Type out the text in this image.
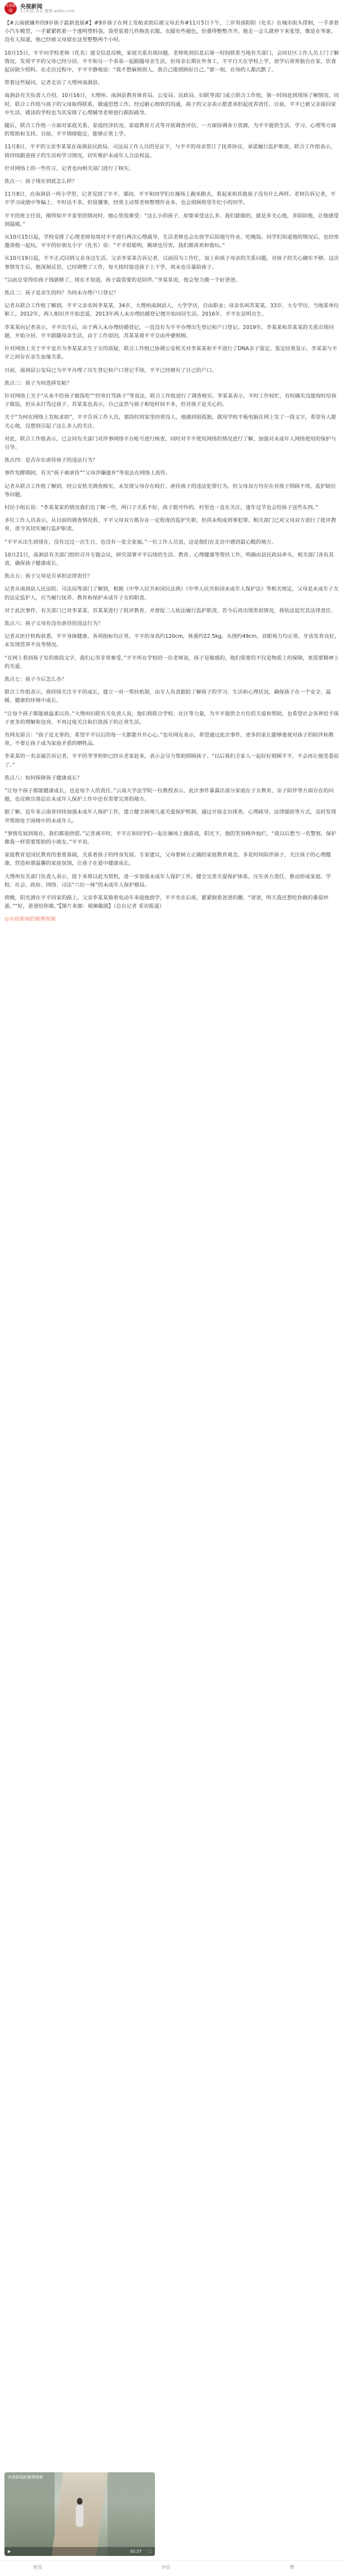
央视新闻
央视新闻
2小时前 来自 微博 weibo.com

【#云南被嫌弃的9岁孩子最新进展#】#9岁孩子在网上发帖求助后被父母丢弃#11月5日下午，三岁男孩阳阳（化名）在城市街头徘徊，一手拿着小汽车模型，一手紧紧抓着一个透明塑料袋，袋里装着几件换洗衣服，衣服有些褪色，但叠得整整齐齐。他走一会儿就停下来张望，像是在等谁。没有人知道，他已经被父母留在这里整整两个小时。

10月15日，平平向学校老师（化名）提交信息反映，家庭关系出现问题。老师收到信息后第一时间联系当地有关部门，会同社区工作人员上门了解情况，发现平平的父母已经分居。平平和另一个弟弟一起跟随母亲生活，但母亲长期在外务工，平平白天在学校上学，放学后常常独自在家，饮食起居缺少照料。在走访过程中，平平平静地说：“我不想麻烦别人，我自己能照顾好自己。”那一刻，在场的人都沉默了。

带着这些疑问，记者走访了大理州南涧县。

南涧县有关负责人介绍，10月16日，大理州、南涧县教育体育局、公安局、民政局、妇联等部门成立联合工作组，第一时间赶到现场了解情况。同时，联合工作组与孩子的父母取得联系，做通思想工作。经过耐心细致的沟通，孩子的父亲表示愿意承担起抚养责任。目前，平平已被父亲接回家中生活，就读的学校也为其安排了心理辅导老师进行跟踪疏导。

随后，联合工作组一方面对家庭关系、家庭经济状况、家庭教育方式等开展调查评估，一方面协调各方资源，为平平提供生活、学习、心理等方面的帮助和支持。目前，平平情绪稳定，能够正常上学。

11月8日，平平的父亲李某某在南涧县民政局、司法局工作人员的见证下，与平平的母亲签订了抚养协议，承诺履行监护职责。联合工作组表示，将持续跟进孩子的生活和学习情况，切实维护未成年人合法权益。

针对网络上的一些传言，记者也向相关部门进行了核实。

焦点一：孩子现在到底怎么样？

11月8日，在南涧县一所小学里，记者见到了平平。课间，平平和同学们在操场上跑来跑去，看起来和其他孩子没有什么两样。老师告诉记者，平平学习成绩中等偏上，平时话不多，但很懂事，经常主动帮老师整理作业本，也会照顾班里年纪小的同学。

平平的班主任说，刚得知平平家里的情况时，她心里很难受：“这么小的孩子，却要承受这么多。我们能做的，就是多关心他，多陪陪他，让他感受到温暖。”

从10月15日起，学校安排了心理老师每周对平平进行两次心理疏导，生活老师也会在放学后陪他写作业、吃晚饭。同学们知道他的情况后，也经常邀请他一起玩。平平的好朋友小宇（化名）说：“平平很聪明，踢球也厉害，我们都喜欢和他玩。”

从10月19日起，平平正式回到父亲身边生活。父亲李某某告诉记者，以前因为工作忙，加上和孩子母亲的关系问题，对孩子的关心确实不够。这次事情发生后，他深刻反思，已经调整了工作，每天按时接送孩子上下学，周末也尽量陪孩子。

“以前总觉得给孩子钱就够了，现在才知道，孩子最需要的是陪伴。”李某某说，他会努力做一个好爸爸。

焦点二：孩子是亲生的吗？为何未办理户口登记？

记者从联合工作组了解到，平平父亲名叫李某某，34岁，大理州南涧县人，大学学历，自由职业；母亲名叫苏某某，33岁，大专学历，当地某单位职工。2012年，两人相识并开始恋爱，2013年两人未办理结婚登记便开始同居生活。2016年，平平在昆明出生。

李某某向记者表示，平平出生后，由于两人未办理结婚登记，一直没有为平平办理出生登记和户口登记。2019年，李某某和苏某某的关系出现问题，开始分居，平平跟随母亲生活，由于工作原因，苏某某将平平交由外婆照顾。

针对网络上关于平平是否为李某某亲生子女的质疑，联合工作组已协调公安机关对李某某和平平进行了DNA亲子鉴定。鉴定结果显示，李某某与平平之间存在亲生血缘关系。

目前，南涧县公安局已为平平办理了出生登记和户口登记手续，平平已经拥有了自己的户口。

焦点三：孩子为何选择发帖？

针对网络上关于“从来不给孩子做饭吃”“经常打骂孩子”等说法，联合工作组进行了调查核实。李某某表示，平时工作较忙，有时确实没能按时给孩子做饭，但从未打骂过孩子。苏某某也表示，自己虽然与孩子相处时间不多，但对孩子是关心的。

关于“为何在网络上发帖求助”，平平告诉工作人员，那段时间家里经常没人，他感到很孤独，就用学校平板电脑在网上发了一段文字，希望有人能关心他，没想到引起了这么多人的关注。

对此，联合工作组表示，已会同有关部门对涉事网络平台账号进行核查，同时对平平使用网络的情况进行了解，加强对未成年人网络使用的保护与引导。

焦点四：是否存在虐待孩子的违法行为？

事件发酵期间，有关“孩子被虐待”“父母涉嫌遗弃”等说法在网络上流传。

记者从联合工作组了解到，经公安机关调查核实，未发现父母存在殴打、虐待孩子的违法犯罪行为。但父母双方均存在对孩子照顾不周、监护缺位等问题。

村民小组长说：“李某某家的情况我们也了解一些，两口子关系不好，孩子挺可怜的，村里也一直在关注，逢年过节也会给孩子送些东西。”

多位工作人员表示，从目前的调查情况看，平平父母双方都存在一定程度的监护失职，但尚未构成刑事犯罪。相关部门已对父母双方进行了批评教育，责令其切实履行监护职责。

“平平从出生到现在，没有过过一次生日，也没有一张全家福。”一位工作人员说，这是他们在走访中感到最心酸的地方。

10月21日，南涧县有关部门组织召开专题会议，研究部署平平后续的生活、教育、心理健康等帮扶工作，明确由县民政局牵头，相关部门各负其责，确保孩子健康成长。

焦点五：孩子父母是否承担法律责任？

记者从南涧县人民法院、司法局等部门了解到，根据《中华人民共和国民法典》《中华人民共和国未成年人保护法》等相关规定，父母是未成年子女的法定监护人，应当履行抚养、教育和保护未成年子女的职责。

对于此次事件，有关部门已对李某某、苏某某进行了批评教育，并督促二人依法履行监护职责。若今后再出现类似情况，将依法追究其法律责任。

焦点六：孩子父母有没有虐待的违法行为？

记者从医疗机构获悉，平平身体健康，各项指标均正常。平平的身高约120cm，体重约22.5kg，头围约49cm，双眼视力均正常，牙齿发育良好，未发现营养不良等情况。

“在网上看到孩子发的那段文字，我们心里非常难受。”平平所在学校的一位老师说，孩子是敏感的，他们需要的不仅是物质上的保障，更需要精神上的关爱。

焦点七：孩子今后怎么办？

联合工作组表示，将持续关注平平的成长，建立一对一帮扶机制，由专人负责跟踪了解孩子的学习、生活和心理状况，确保孩子在一个安全、温暖、健康的环境中成长。

“让每个孩子都能被温柔以待。”大理州妇联有关负责人说，他们将联合学校、社区等力量，为平平提供全方位的关爱和帮助，也希望社会各界给予孩子更多的理解和包容，不再过度关注和打扰孩子的正常生活。

有网友留言：“孩子是无辜的，希望平平以后的每一天都能开开心心。”也有网友表示，希望通过此次事件，更多的家长能够重视对孩子的陪伴和教育，不要让孩子成为家庭矛盾的牺牲品。

李某某的一名亲属告诉记者，平平的爷爷奶奶已经从老家赶来，表示会尽力帮助照顾孩子。“以后我们全家人一起好好照顾平平，不会再让他受委屈了。”

焦点八：如何保障孩子健康成长？

“让每个孩子都能健康成长，也是每个人的责任。”云南大学法学院一位教授表示，此次事件暴露出部分家庭在子女教育、亲子陪伴等方面存在的问题，也反映出基层在未成年人保护工作中还有需要完善的地方。

据了解，近年来云南省持续加强未成年人保护工作，建立健全困境儿童关爱保护机制，通过开展走访排查、心理疏导、法律援助等方式，及时发现并帮助处于困境中的未成年人。

“事情发展到现在，我们都很欣慰。”记者离开时，平平正和同学们一起在操场上做游戏，阳光下，他的笑容格外灿烂。“我以后想当一名警察，保护像我一样需要帮助的小朋友。”平平说。

家庭教育是国民教育的重要基础，关系着孩子的终身发展。专家建议，父母要树立正确的家庭教育观念，多花时间陪伴孩子，关注孩子的心理健康，营造和谐温馨的家庭氛围，让孩子在爱中健康成长。

大理州有关部门负责人表示，接下来将以此为契机，进一步加强未成年人保护工作，健全完善关爱保护体系，压实各方责任，推动形成家庭、学校、社会、政府、网络、司法“六位一体”的未成年人保护格局。

傍晚，阳光洒在平平回家的路上。父亲李某某骑着电动车来接他放学，平平坐在后座，紧紧抱着爸爸的腰。“爸爸，明天我还想吃你做的番茄炒蛋。”“好，爸爸给你做。”【图片来源：视频截图】（总台记者 采访报道）

◎央视新闻的微博视频

央视新闻的微博视频
▶	02:27 ⛶
转发	评论	赞
